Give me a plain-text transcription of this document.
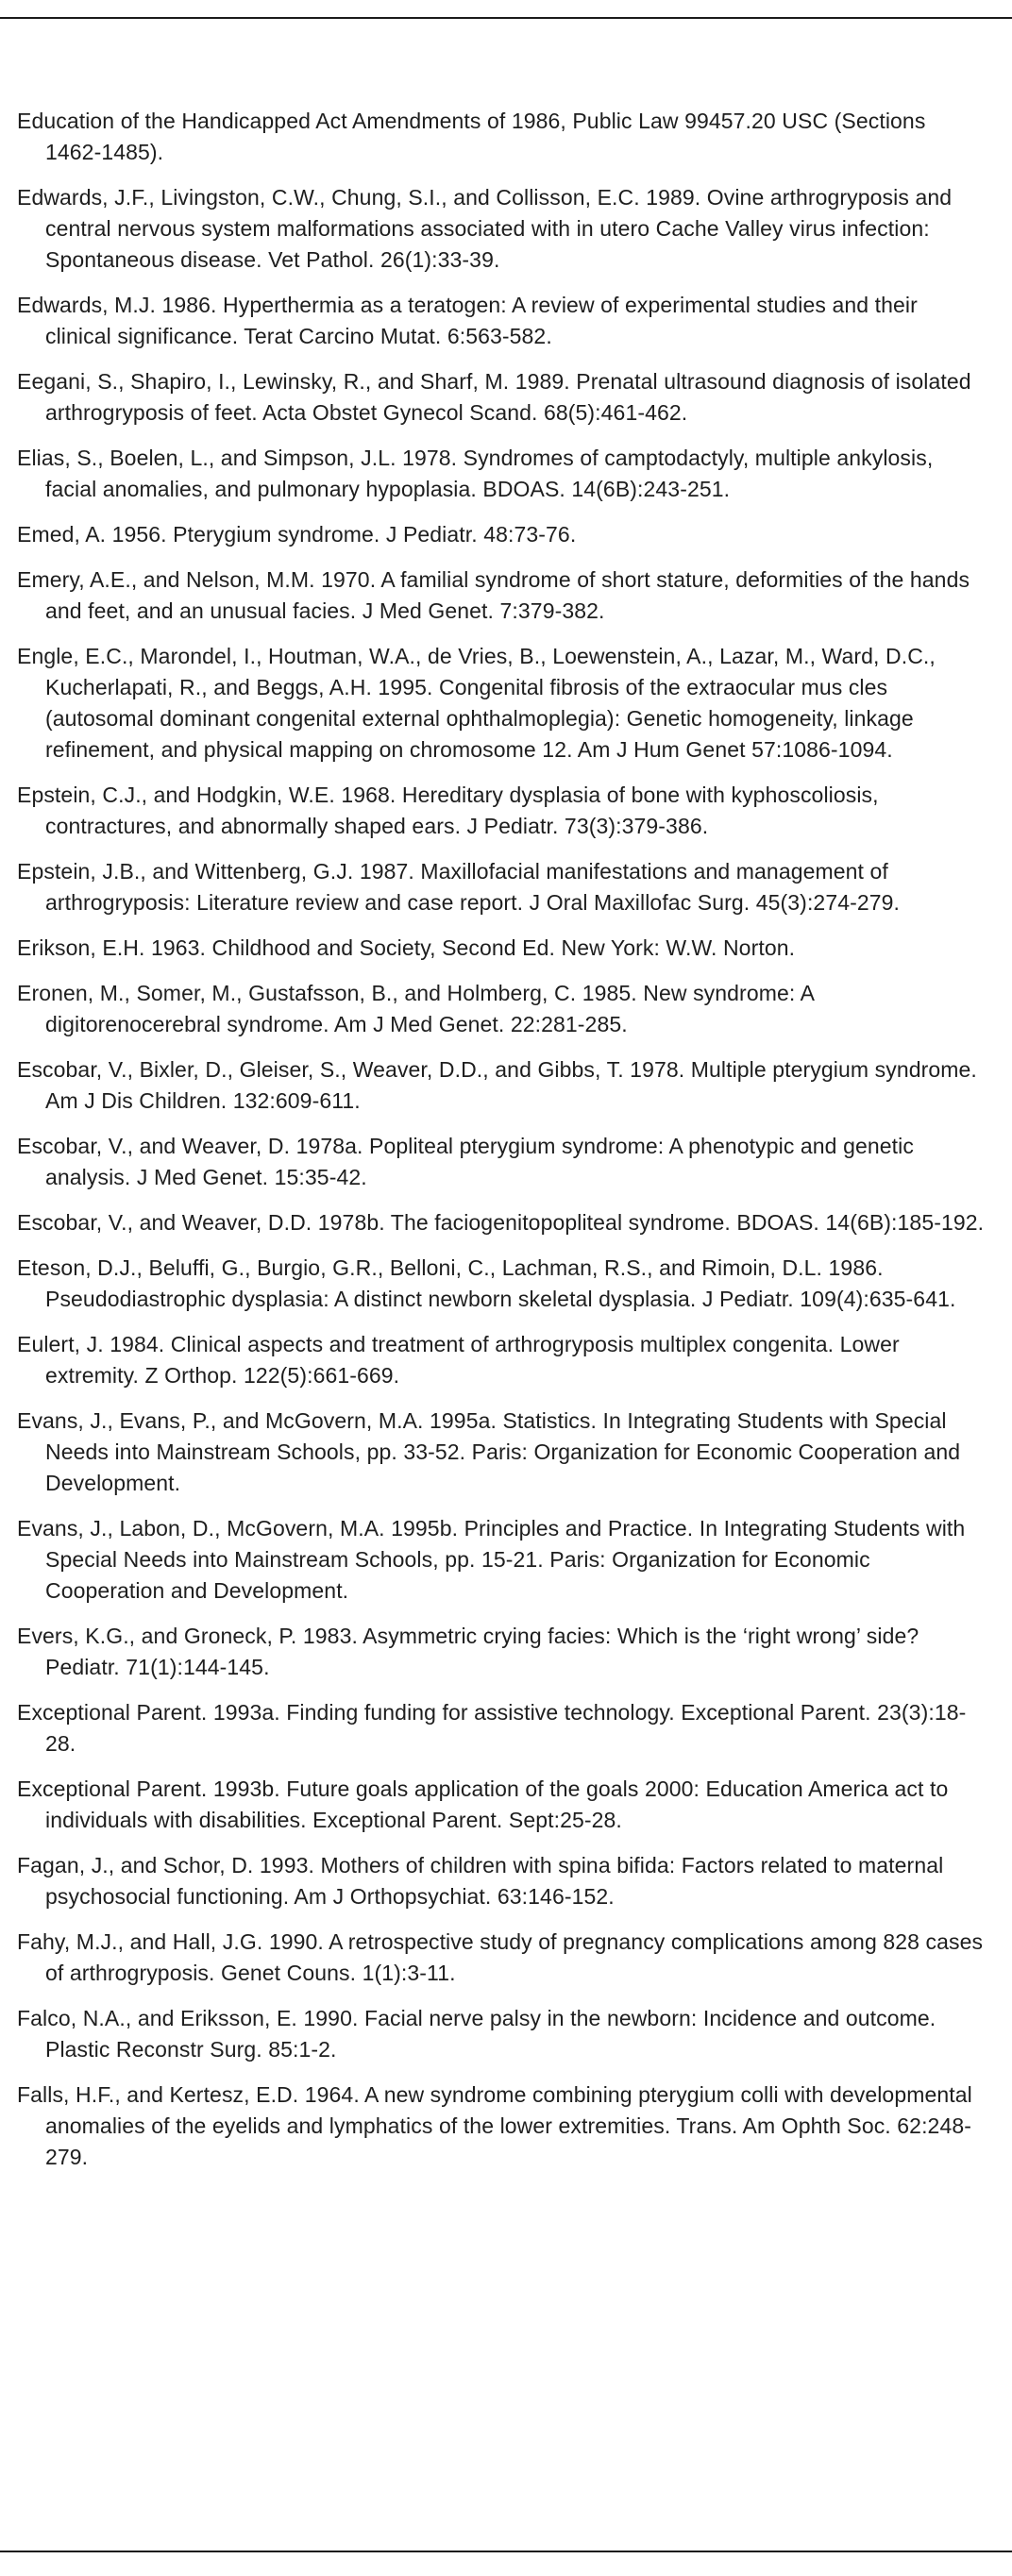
Education of the Handicapped Act Amendments of 1986, Public Law 99457.20 USC (Sections 1462-1485).

Edwards, J.F., Livingston, C.W., Chung, S.I., and Collisson, E.C. 1989. Ovine arthrogryposis and central nervous system malformations associated with in utero Cache Valley virus infection: Spontaneous disease. Vet Pathol. 26(1):33-39.

Edwards, M.J. 1986. Hyperthermia as a teratogen: A review of experimental studies and their clinical significance. Terat Carcino Mutat. 6:563-582.

Eegani, S., Shapiro, I., Lewinsky, R., and Sharf, M. 1989. Prenatal ultrasound diagnosis of isolated arthrogryposis of feet. Acta Obstet Gynecol Scand. 68(5):461-462.

Elias, S., Boelen, L., and Simpson, J.L. 1978. Syndromes of camptodactyly, multiple ankylosis, facial anomalies, and pulmonary hypoplasia. BDOAS. 14(6B):243-251.

Emed, A. 1956. Pterygium syndrome. J Pediatr. 48:73-76.

Emery, A.E., and Nelson, M.M. 1970. A familial syndrome of short stature, deformities of the hands and feet, and an unusual facies. J Med Genet. 7:379-382.

Engle, E.C., Marondel, I., Houtman, W.A., de Vries, B., Loewenstein, A., Lazar, M., Ward, D.C., Kucherlapati, R., and Beggs, A.H. 1995. Congenital fibrosis of the extraocular mus cles (autosomal dominant congenital external ophthalmoplegia): Genetic homogeneity, linkage refinement, and physical mapping on chromosome 12. Am J Hum Genet 57:1086-1094.

Epstein, C.J., and Hodgkin, W.E. 1968. Hereditary dysplasia of bone with kyphoscoliosis, contractures, and abnormally shaped ears. J Pediatr. 73(3):379-386.

Epstein, J.B., and Wittenberg, G.J. 1987. Maxillofacial manifestations and management of arthrogryposis: Literature review and case report. J Oral Maxillofac Surg. 45(3):274-279.

Erikson, E.H. 1963. Childhood and Society, Second Ed. New York: W.W. Norton.

Eronen, M., Somer, M., Gustafsson, B., and Holmberg, C. 1985. New syndrome: A digitorenocerebral syndrome. Am J Med Genet. 22:281-285.

Escobar, V., Bixler, D., Gleiser, S., Weaver, D.D., and Gibbs, T. 1978. Multiple pterygium syndrome. Am J Dis Children. 132:609-611.

Escobar, V., and Weaver, D. 1978a. Popliteal pterygium syndrome: A phenotypic and genetic analysis. J Med Genet. 15:35-42.

Escobar, V., and Weaver, D.D. 1978b. The faciogenitopopliteal syndrome. BDOAS. 14(6B):185-192.

Eteson, D.J., Beluffi, G., Burgio, G.R., Belloni, C., Lachman, R.S., and Rimoin, D.L. 1986. Pseudodiastrophic dysplasia: A distinct newborn skeletal dysplasia. J Pediatr. 109(4):635-641.

Eulert, J. 1984. Clinical aspects and treatment of arthrogryposis multiplex congenita. Lower extremity. Z Orthop. 122(5):661-669.

Evans, J., Evans, P., and McGovern, M.A. 1995a. Statistics. In Integrating Students with Special Needs into Mainstream Schools, pp. 33-52. Paris: Organization for Economic Cooperation and Development.

Evans, J., Labon, D., McGovern, M.A. 1995b. Principles and Practice. In Integrating Students with Special Needs into Mainstream Schools, pp. 15-21. Paris: Organization for Economic Cooperation and Development.

Evers, K.G., and Groneck, P. 1983. Asymmetric crying facies: Which is the ‘right wrong’ side? Pediatr. 71(1):144-145.

Exceptional Parent. 1993a. Finding funding for assistive technology. Exceptional Parent. 23(3):18-28.

Exceptional Parent. 1993b. Future goals application of the goals 2000: Education America act to individuals with disabilities. Exceptional Parent. Sept:25-28.

Fagan, J., and Schor, D. 1993. Mothers of children with spina bifida: Factors related to maternal psychosocial functioning. Am J Orthopsychiat. 63:146-152.

Fahy, M.J., and Hall, J.G. 1990. A retrospective study of pregnancy complications among 828 cases of arthrogryposis. Genet Couns. 1(1):3-11.

Falco, N.A., and Eriksson, E. 1990. Facial nerve palsy in the newborn: Incidence and outcome. Plastic Reconstr Surg. 85:1-2.

Falls, H.F., and Kertesz, E.D. 1964. A new syndrome combining pterygium colli with developmental anomalies of the eyelids and lymphatics of the lower extremities. Trans. Am Ophth Soc. 62:248-279.
